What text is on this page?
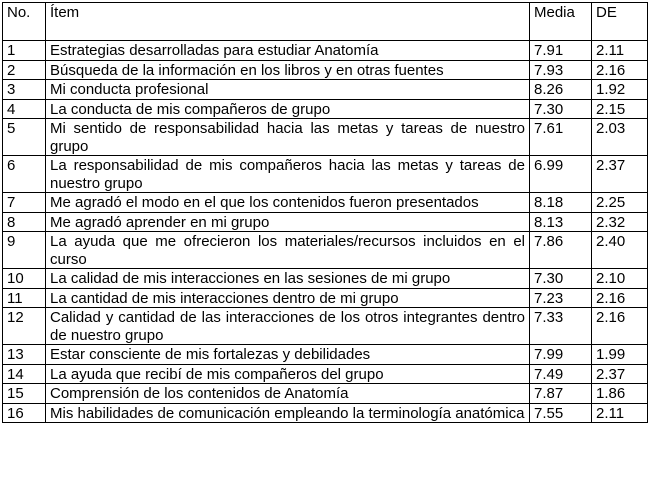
No.	Ítem	Media	DE
1	Estrategias desarrolladas para estudiar Anatomía	7.91	2.11
2	Búsqueda de la información en los libros y en otras fuentes	7.93	2.16
3	Mi conducta profesional	8.26	1.92
4	La conducta de mis compañeros de grupo	7.30	2.15
5	Mi sentido de responsabilidad hacia las metas y tareas de nuestro grupo	7.61	2.03
6	La responsabilidad de mis compañeros hacia las metas y tareas de nuestro grupo	6.99	2.37
7	Me agradó el modo en el que los contenidos fueron presentados	8.18	2.25
8	Me agradó aprender en mi grupo	8.13	2.32
9	La ayuda que me ofrecieron los materiales/recursos incluidos en el curso	7.86	2.40
10	La calidad de mis interacciones en las sesiones de mi grupo	7.30	2.10
11	La cantidad de mis interacciones dentro de mi grupo	7.23	2.16
12	Calidad y cantidad de las interacciones de los otros integrantes dentro de nuestro grupo	7.33	2.16
13	Estar consciente de mis fortalezas y debilidades	7.99	1.99
14	La ayuda que recibí de mis compañeros del grupo	7.49	2.37
15	Comprensión de los contenidos de Anatomía	7.87	1.86
16	Mis habilidades de comunicación empleando la terminología anatómica	7.55	2.11
